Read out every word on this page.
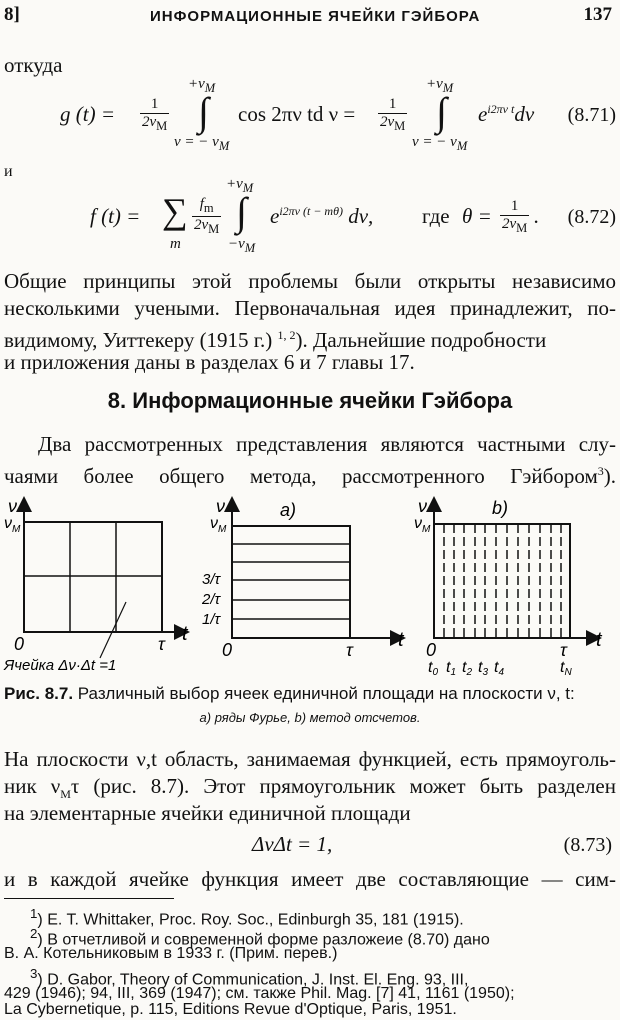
8]	ИНФОРМАЦИОННЫЕ ЯЧЕЙКИ ГЭЙБОРА	137
откуда
g $(t) = \frac{1}{2\nu_M}$
$+\nu_M$
∫
ν = − $\nu_M$
cos 2πν td $\nu = \frac{1}{2\nu_M}$
$+\nu_M$
∫
ν = − $\nu_M$
$e^{i2\pi\nu t}d\nu$ (8.71)
и
f (t) = ∑
m
$\frac{f_m}{2\nu_M}$
$+\nu_M$
∫
$-\nu_M$
$e^{i2\pi\nu (t - m\theta)}$ dν, где $\theta = \frac{1}{2\nu_M}$ . (8.72)
Общие принципы этой проблемы были открыты независимо
несколькими учеными. Первоначальная идея принадлежит, по-
видимому, Уиттекеру (1915 г.) $^{1, 2}$). Дальнейшие подробности
и приложения даны в разделах 6 и 7 главы 17.
8. Информационные ячейки Гэйбора
Два рассмотренных представления являются частными слу-
чаями более общего метода, рассмотренного Гэйбором$^3$).
ν
$\nu_M$
τ t
0
Ячейка Δν·Δt =1
ν
$\nu_M$
a)
3/τ
2/τ
1/τ
τ t
0
ν
$\nu_M$
b)
τ t
0
t0 t1 t2 t3 t4	tN
Рис. 8.7. Различный выбор ячеек единичной площади на плоскости ν, t:
a) ряды Фурье, b) метод отсчетов.
На плоскости ν,t область, занимаемая функцией, есть прямоуголь-
ник $\nu_M\tau$ (рис. 8.7). Этот прямоугольник может быть разделен
на элементарные ячейки единичной площади
ΔνΔt = 1,	(8.73)
и в каждой ячейке функция имеет две составляющие — сим-
$^1$) E. T. Whittaker, Proc. Roy. Soc., Edinburgh 35, 181 (1915).
$^2$) В отчетливой и современной форме разложеие (8.70) дано
В. А. Котельниковым в 1933 г. (Прим. перев.)
$^3$) D. Gabor, Theory of Communication, J. Inst. El. Eng. 93, III,
429 (1946); 94, III, 369 (1947); см. также Phil. Mag. [7] 41, 1161 (1950);
La Cybernetique, p. 115, Editions Revue d'Optique, Paris, 1951.
